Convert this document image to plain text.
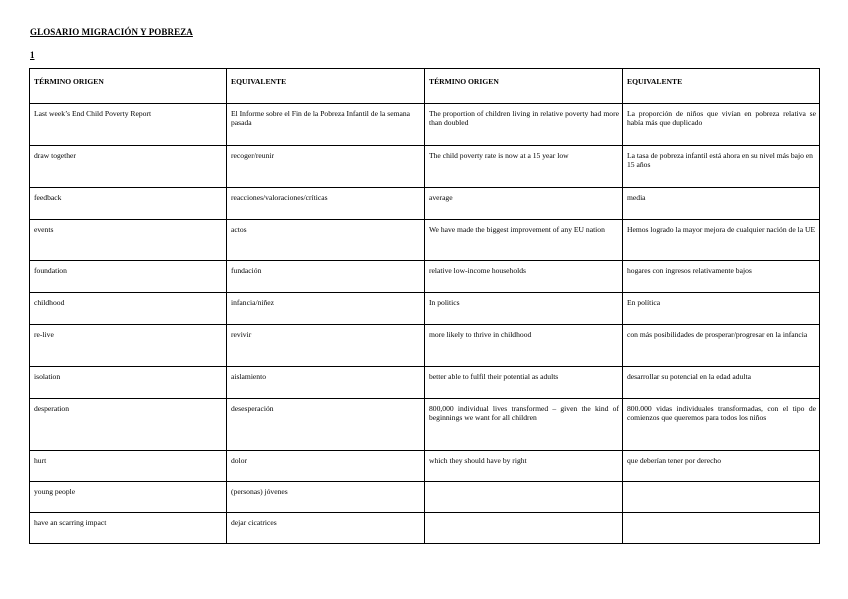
GLOSARIO MIGRACIÓN Y POBREZA
1
TÉRMINO ORIGEN	EQUIVALENTE	TÉRMINO ORIGEN	EQUIVALENTE
Last week’s End Child Poverty Report	El Informe sobre el Fin de la Pobreza Infantil de la semana pasada	The proportion of children living in relative poverty had more than doubled	La proporción de niños que vivían en pobreza relativa se había más que duplicado
draw together	recoger/reunir	The child poverty rate is now at a 15 year low	La tasa de pobreza infantil está ahora en su nivel más bajo en 15 años
feedback	reacciones/valoraciones/críticas	average	media
events	actos	We have made the biggest improvement of any EU nation	Hemos logrado la mayor mejora de cualquier nación de la UE
foundation	fundación	relative low-income households	hogares con ingresos relativamente bajos
childhood	infancia/niñez	In politics	En política
re-live	revivir	more likely to thrive in childhood	con más posibilidades de prosperar/progresar en la infancia
isolation	aislamiento	better able to fulfil their potential as adults	desarrollar su potencial en la edad adulta
desperation	desesperación	800,000 individual lives transformed – given the kind of beginnings we want for all children	800.000 vidas individuales transformadas, con el tipo de comienzos que queremos para todos los niños
hurt	dolor	which they should have by right	que deberían tener por derecho
young people	(personas) jóvenes		
have an scarring impact	dejar cicatrices		
